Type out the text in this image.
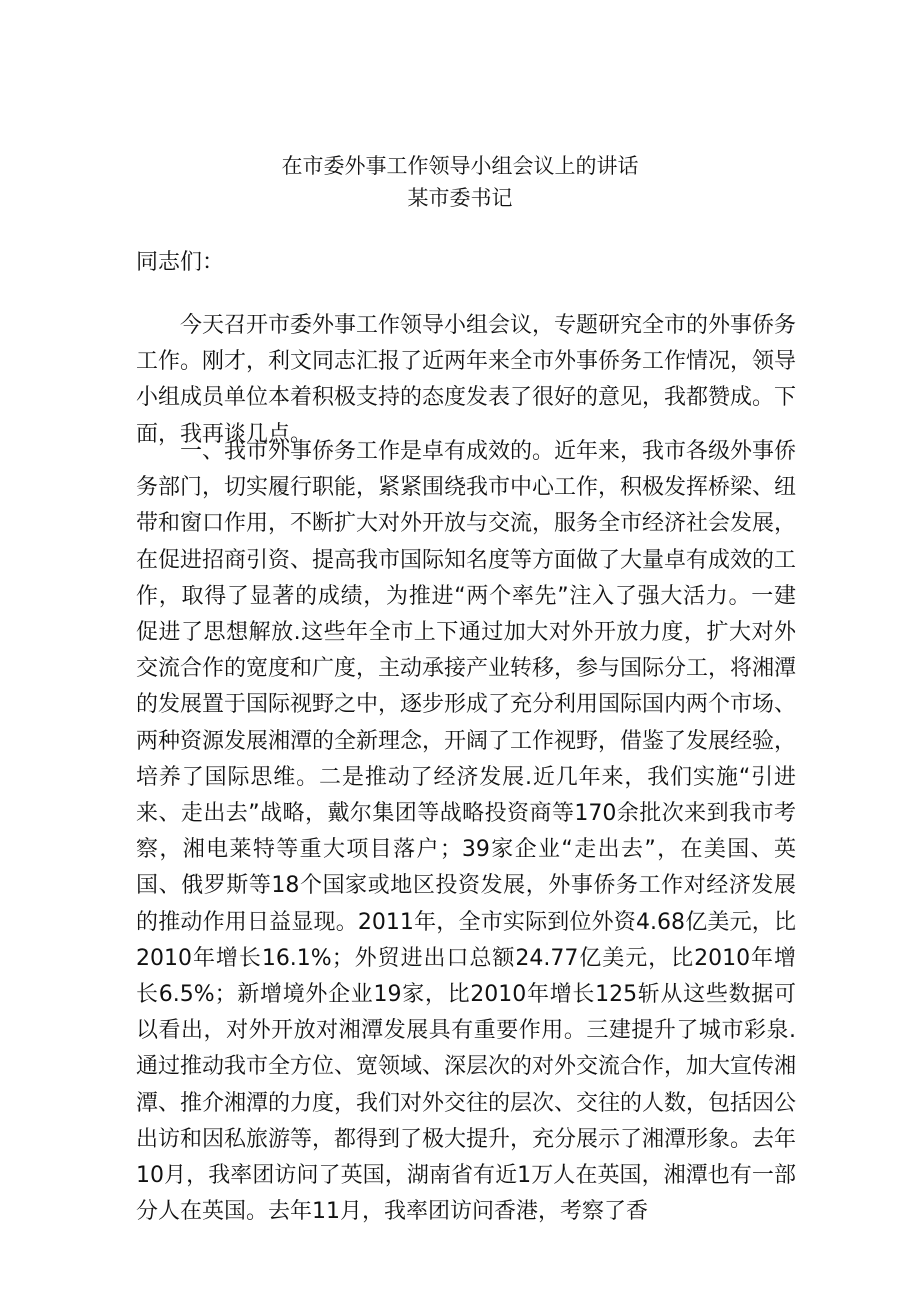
在市委外事工作领导小组会议上的讲话
某市委书记
同志们：
今天召开市委外事工作领导小组会议，专题研究全市的外事侨务工作。刚才，利文同志汇报了近两年来全市外事侨务工作情况，领导小组成员单位本着积极支持的态度发表了很好的意见，我都赞成。下面，我再谈几点。
一、我市外事侨务工作是卓有成效的。近年来，我市各级外事侨务部门，切实履行职能，紧紧围绕我市中心工作，积极发挥桥梁、纽带和窗口作用，不断扩大对外开放与交流，服务全市经济社会发展，在促进招商引资、提高我市国际知名度等方面做了大量卓有成效的工作，取得了显著的成绩，为推进“两个率先”注入了强大活力。一建促进了思想解放.这些年全市上下通过加大对外开放力度，扩大对外交流合作的宽度和广度，主动承接产业转移，参与国际分工，将湘潭的发展置于国际视野之中，逐步形成了充分利用国际国内两个市场、两种资源发展湘潭的全新理念，开阔了工作视野，借鉴了发展经验，培养了国际思维。二是推动了经济发展.近几年来，我们实施“引进来、走出去”战略，戴尔集团等战略投资商等170余批次来到我市考察，湘电莱特等重大项目落户；39家企业“走出去”，在美国、英国、俄罗斯等18个国家或地区投资发展，外事侨务工作对经济发展的推动作用日益显现。2011年，全市实际到位外资4.68亿美元，比2010年增长16.1%；外贸进出口总额24.77亿美元，比2010年增长6.5%；新增境外企业19家，比2010年增长125斩从这些数据可以看出，对外开放对湘潭发展具有重要作用。三建提升了城市彩泉.通过推动我市全方位、宽领域、深层次的对外交流合作，加大宣传湘潭、推介湘潭的力度，我们对外交往的层次、交往的人数，包括因公出访和因私旅游等，都得到了极大提升，充分展示了湘潭形象。去年10月，我率团访问了英国，湖南省有近1万人在英国，湘潭也有一部分人在英国。去年11月，我率团访问香港，考察了香
